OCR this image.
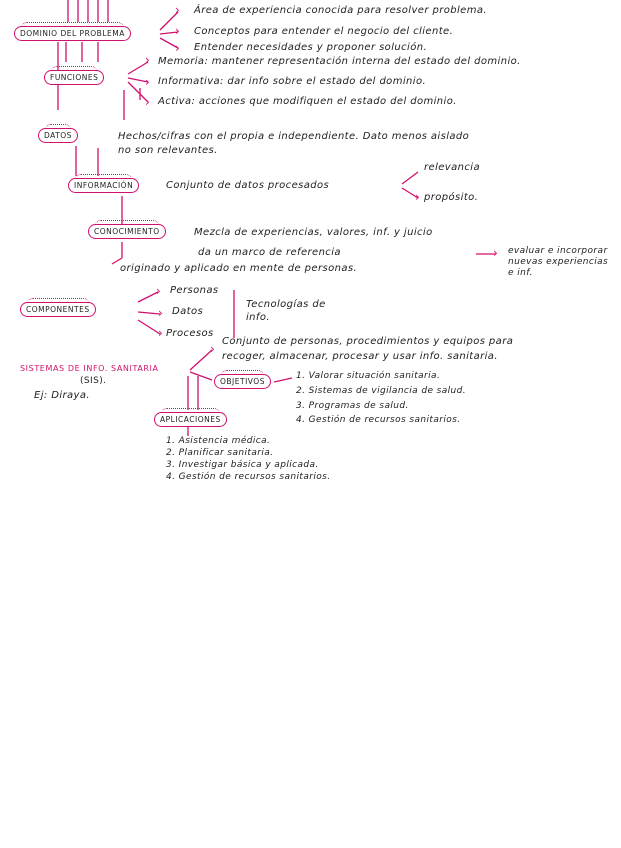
›
›
›
›
›
›
›
›
›
›
›
›
DOMINIO DEL PROBLEMA
Área de experiencia conocida para resolver problema.
Conceptos para entender el negocio del cliente.
Entender necesidades y proponer solución.
FUNCIONES
Memoria: mantener representación interna del estado del dominio.
Informativa: dar info sobre el estado del dominio.
Activa: acciones que modifiquen el estado del dominio.
DATOS	Hechos/cifras con el propia e independiente. Dato menos aislado
no son relevantes.
INFORMACIÓN	Conjunto de datos procesados
relevancia
propósito.
CONOCIMIENTO	Mezcla de experiencias, valores, inf. y juicio
da un marco de referencia
originado y aplicado en mente de personas.
evaluar e incorporar nuevas experiencias e inf.
COMPONENTES
Personas
Datos
Procesos
Tecnologías de info.
SISTEMAS DE INFO. SANITARIA
(SIS).
Ej: Diraya.
Conjunto de personas, procedimientos y equipos para
recoger, almacenar, procesar y usar info. sanitaria.
OBJETIVOS
1. Valorar situación sanitaria.
2. Sistemas de vigilancia de salud.
3. Programas de salud.
4. Gestión de recursos sanitarios.
APLICACIONES
1. Asistencia médica.
2. Planificar sanitaria.
3. Investigar básica y aplicada.
4. Gestión de recursos sanitarios.
